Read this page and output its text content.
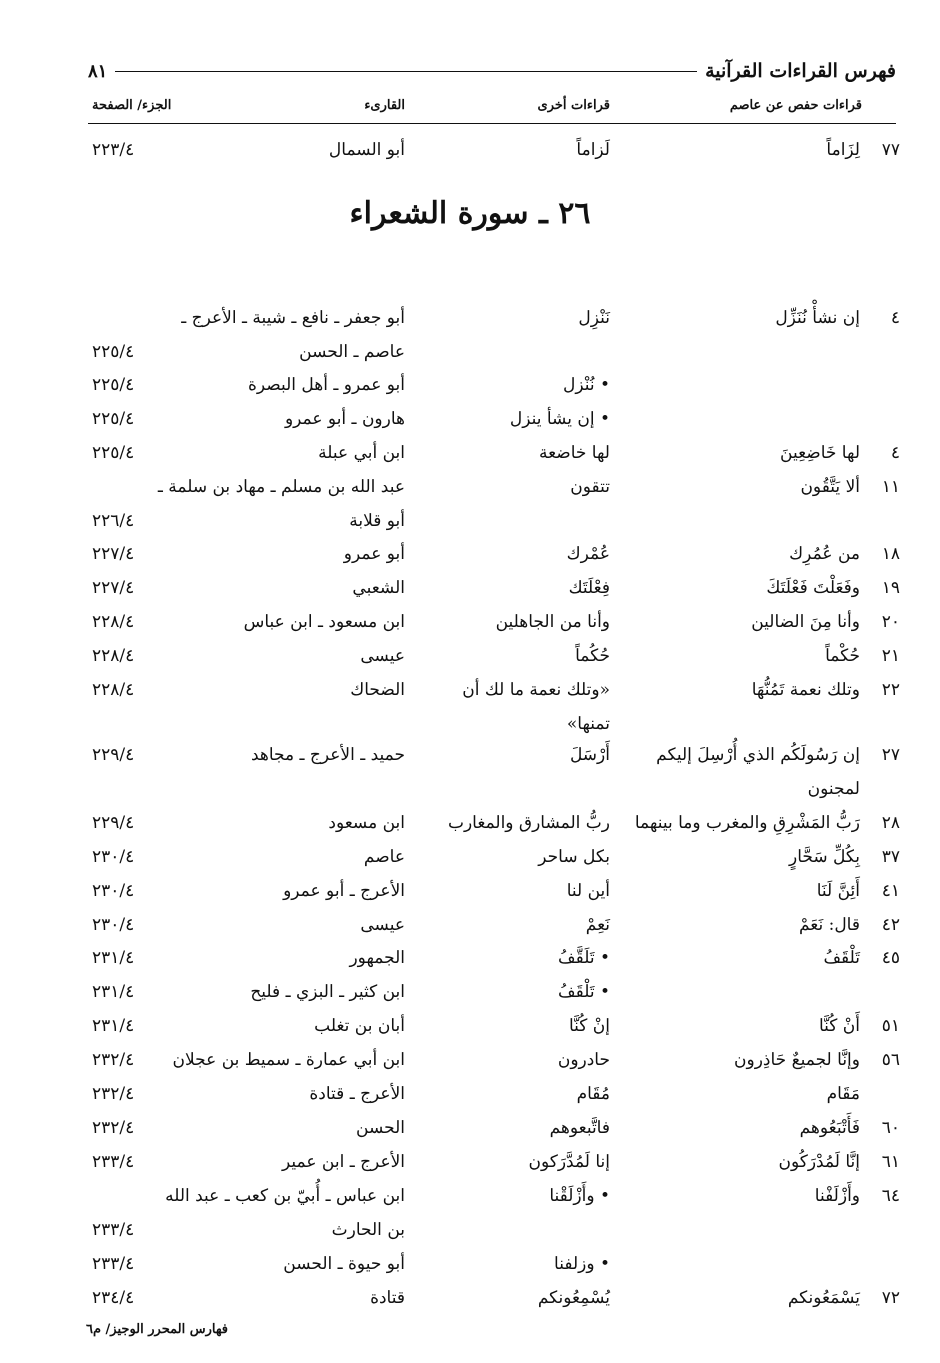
فهرس القراءات القرآنية
٨١
قراءات حفص عن عاصم
قراءات أخرى
القارىء
الجزء/ الصفحة
٢٦ ـ سورة الشعراء
٧٧
لِزَاماً
لَزاماً
أبو السمال
٢٢٣/٤
٤
إن نشأْ نُنَزِّل
نَنْزِل
أبو جعفر ـ نافع ـ شيبة ـ الأعرج ـ
عاصم ـ الحسن
٢٢٥/٤
• نُنْزل
أبو عمرو ـ أهل البصرة
٢٢٥/٤
• إن يشأ ينزل
هارون ـ أبو عمرو
٢٢٥/٤
٤
لها خَاضِعِينَ
لها خاضعة
ابن أبي عبلة
٢٢٥/٤
١١
ألا يَتَّقُون
تتقون
عبد الله بن مسلم ـ مهاد بن سلمة ـ
أبو قلابة
٢٢٦/٤
١٨
من عُمُرِك
عُمْرك
أبو عمرو
٢٢٧/٤
١٩
وفَعَلْتَ فَعْلَتَكَ
فِعْلَتَك
الشعبي
٢٢٧/٤
٢٠
وأنا مِنَ الضالين
وأنا من الجاهلين
ابن مسعود ـ ابن عباس
٢٢٨/٤
٢١
حُكْماً
حُكُماً
عيسى
٢٢٨/٤
٢٢
وتلك نعمة تَمُنُّهَا
«وتلك نعمة ما لك أن
الضحاك
٢٢٨/٤
تمنها»
٢٧
إن رَسُولَكُم الذي أُرْسِلَ إليكم
أَرْسَلَ
حميد ـ الأعرج ـ مجاهد
٢٢٩/٤
لمجنون
٢٨
رَبُّ المَشْرِقِ والمغرب وما بينهما
ربُّ المشارق والمغارب
ابن مسعود
٢٢٩/٤
٣٧
بِكُلِّ سَحَّارٍ
بكل ساحر
عاصم
٢٣٠/٤
٤١
أَئِنَّ لَنَا
أين لنا
الأعرج ـ أبو عمرو
٢٣٠/٤
٤٢
قال: نَعَمْ
نَعِمْ
عيسى
٢٣٠/٤
٤٥
تَلْقَفُ
• تَلَقَّفُ
الجمهور
٢٣١/٤
• تَلْقَفُ
ابن كثير ـ البزي ـ فليح
٢٣١/٤
٥١
أَنْ كُنَّا
إنْ كُنَّا
أبان بن تغلب
٢٣١/٤
٥٦
وإنَّا لجميعٌ حَاذِرون
حادرون
ابن أبي عمارة ـ سميط بن عجلان
٢٣٢/٤
مَقَام
مُقَام
الأعرج ـ قتادة
٢٣٢/٤
٦٠
فَأَتْبَعُوهم
فاتَّبعوهم
الحسن
٢٣٢/٤
٦١
إنَّا لَمُدْرَكُون
إنا لَمُدَّرَكون
الأعرج ـ ابن عمير
٢٣٣/٤
٦٤
وأَزْلَفْنا
• وأَزْلَقْنا
ابن عباس ـ أُبيّ بن كعب ـ عبد الله
بن الحارث
٢٣٣/٤
• وزلفنا
أبو حيوة ـ الحسن
٢٣٣/٤
٧٢
يَسْمَعُونكم
يُسْمِعُونكم
قتادة
٢٣٤/٤
فهارس المحرر الوجيز/ م٦
